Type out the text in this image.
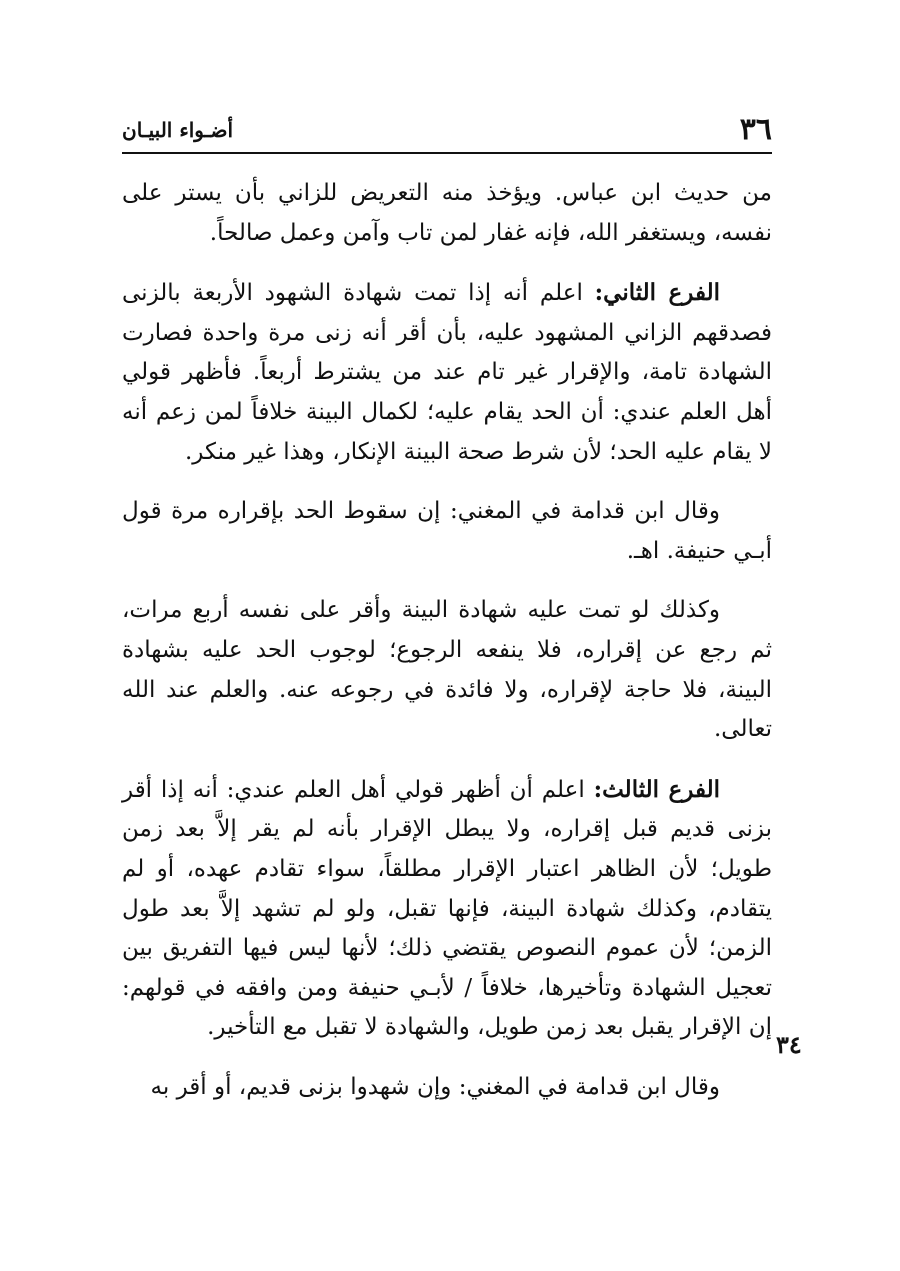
٣٦
أضـواء البيـان
٣٤

من حديث ابن عباس. ويؤخذ منه التعريض للزاني بأن يستر على نفسه، ويستغفر الله، فإنه غفار لمن تاب وآمن وعمل صالحاً.

الفرع الثاني: اعلم أنه إذا تمت شهادة الشهود الأربعة بالزنى فصدقهم الزاني المشهود عليه، بأن أقر أنه زنى مرة واحدة فصارت الشهادة تامة، والإقرار غير تام عند من يشترط أربعاً. فأظهر قولي أهل العلم عندي: أن الحد يقام عليه؛ لكمال البينة خلافاً لمن زعم أنه لا يقام عليه الحد؛ لأن شرط صحة البينة الإنكار، وهذا غير منكر.

وقال ابن قدامة في المغني: إن سقوط الحد بإقراره مرة قول أبـي حنيفة. اهـ.

وكذلك لو تمت عليه شهادة البينة وأقر على نفسه أربع مرات، ثم رجع عن إقراره، فلا ينفعه الرجوع؛ لوجوب الحد عليه بشهادة البينة، فلا حاجة لإقراره، ولا فائدة في رجوعه عنه. والعلم عند الله تعالى.

الفرع الثالث: اعلم أن أظهر قولي أهل العلم عندي: أنه إذا أقر بزنى قديم قبل إقراره، ولا يبطل الإقرار بأنه لم يقر إلاَّ بعد زمن طويل؛ لأن الظاهر اعتبار الإقرار مطلقاً، سواء تقادم عهده، أو لم يتقادم، وكذلك شهادة البينة، فإنها تقبل، ولو لم تشهد إلاَّ بعد طول الزمن؛ لأن عموم النصوص يقتضي ذلك؛ لأنها ليس فيها التفريق بين تعجيل الشهادة وتأخيرها، خلافاً / لأبـي حنيفة ومن وافقه في قولهم: إن الإقرار يقبل بعد زمن طويل، والشهادة لا تقبل مع التأخير.

وقال ابن قدامة في المغني: وإن شهدوا بزنى قديم، أو أقر به
